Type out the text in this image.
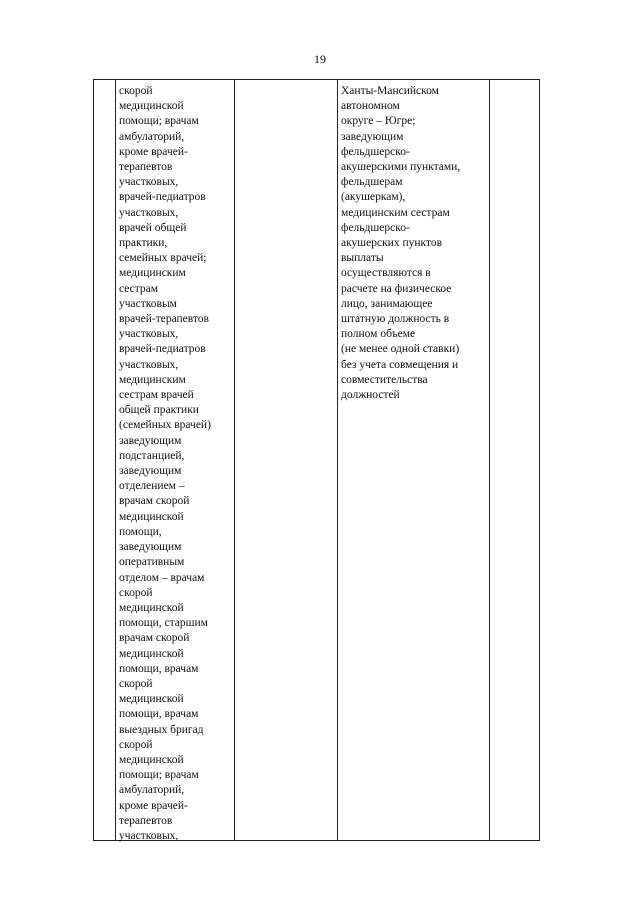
19

скорой
медицинской
помощи; врачам
амбулаторий,
кроме врачей-
терапевтов
участковых,
врачей-педиатров
участковых,
врачей общей
практики,
семейных врачей;
медицинским
сестрам
участковым
врачей-терапевтов
участковых,
врачей-педиатров
участковых,
медицинским
сестрам врачей
общей практики
(семейных врачей)
заведующим
подстанцией,
заведующим
отделением –
врачам скорой
медицинской
помощи,
заведующим
оперативным
отделом – врачам
скорой
медицинской
помощи, старшим
врачам скорой
медицинской
помощи, врачам
скорой
медицинской
помощи, врачам
выездных бригад
скорой
медицинской
помощи; врачам
амбулаторий,
кроме врачей-
терапевтов
участковых,

Ханты-Мансийском
автономном
округе – Югре;
заведующим
фельдшерско-
акушерскими пунктами,
фельдшерам
(акушеркам),
медицинским сестрам
фельдшерско-
акушерских пунктов
выплаты
осуществляются в
расчете на физическое
лицо, занимающее
штатную должность в
полном объеме
(не менее одной ставки)
без учета совмещения и
совместительства
должностей
